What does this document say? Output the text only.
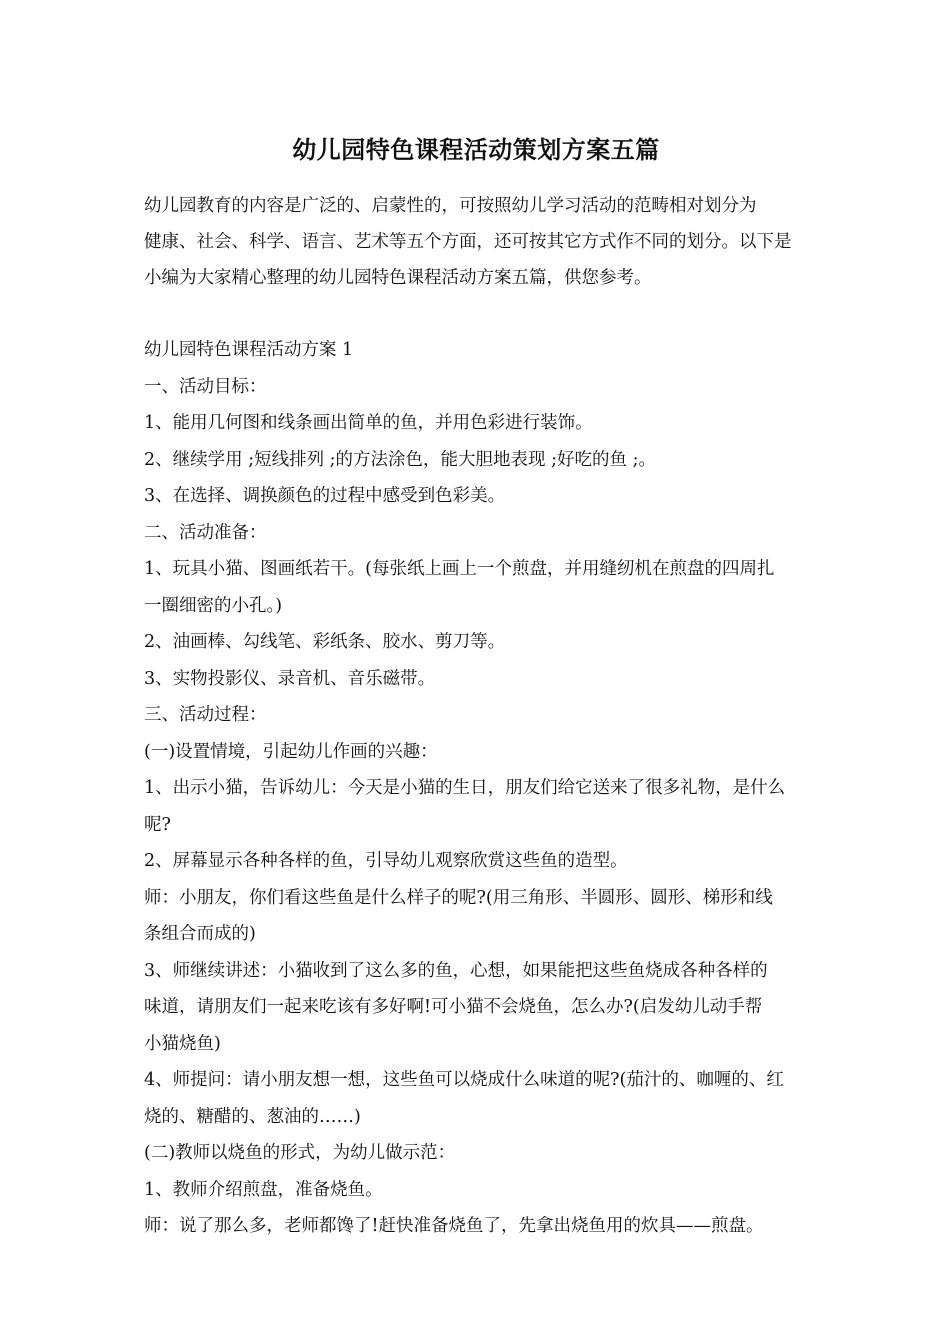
幼儿园特色课程活动策划方案五篇

幼儿园教育的内容是广泛的、启蒙性的，可按照幼儿学习活动的范畴相对划分为

健康、社会、科学、语言、艺术等五个方面，还可按其它方式作不同的划分。以下是

小编为大家精心整理的幼儿园特色课程活动方案五篇，供您参考。

幼儿园特色课程活动方案 1

一、活动目标：

1、能用几何图和线条画出简单的鱼，并用色彩进行装饰。

2、继续学用 ;短线排列 ;的方法涂色，能大胆地表现 ;好吃的鱼 ;。

3、在选择、调换颜色的过程中感受到色彩美。

二、活动准备：

1、玩具小猫、图画纸若干。(每张纸上画上一个煎盘，并用缝纫机在煎盘的四周扎

一圈细密的小孔。)

2、油画棒、勾线笔、彩纸条、胶水、剪刀等。

3、实物投影仪、录音机、音乐磁带。

三、活动过程：

(一)设置情境，引起幼儿作画的兴趣：

1、出示小猫，告诉幼儿：今天是小猫的生日，朋友们给它送来了很多礼物，是什么

呢?

2、屏幕显示各种各样的鱼，引导幼儿观察欣赏这些鱼的造型。

师：小朋友，你们看这些鱼是什么样子的呢?(用三角形、半圆形、圆形、梯形和线

条组合而成的)

3、师继续讲述：小猫收到了这么多的鱼，心想，如果能把这些鱼烧成各种各样的

味道，请朋友们一起来吃该有多好啊!可小猫不会烧鱼，怎么办?(启发幼儿动手帮

小猫烧鱼)

4、师提问：请小朋友想一想，这些鱼可以烧成什么味道的呢?(茄汁的、咖喱的、红

烧的、糖醋的、葱油的……)

(二)教师以烧鱼的形式，为幼儿做示范：

1、教师介绍煎盘，准备烧鱼。

师：说了那么多，老师都馋了!赶快准备烧鱼了，先拿出烧鱼用的炊具——煎盘。
